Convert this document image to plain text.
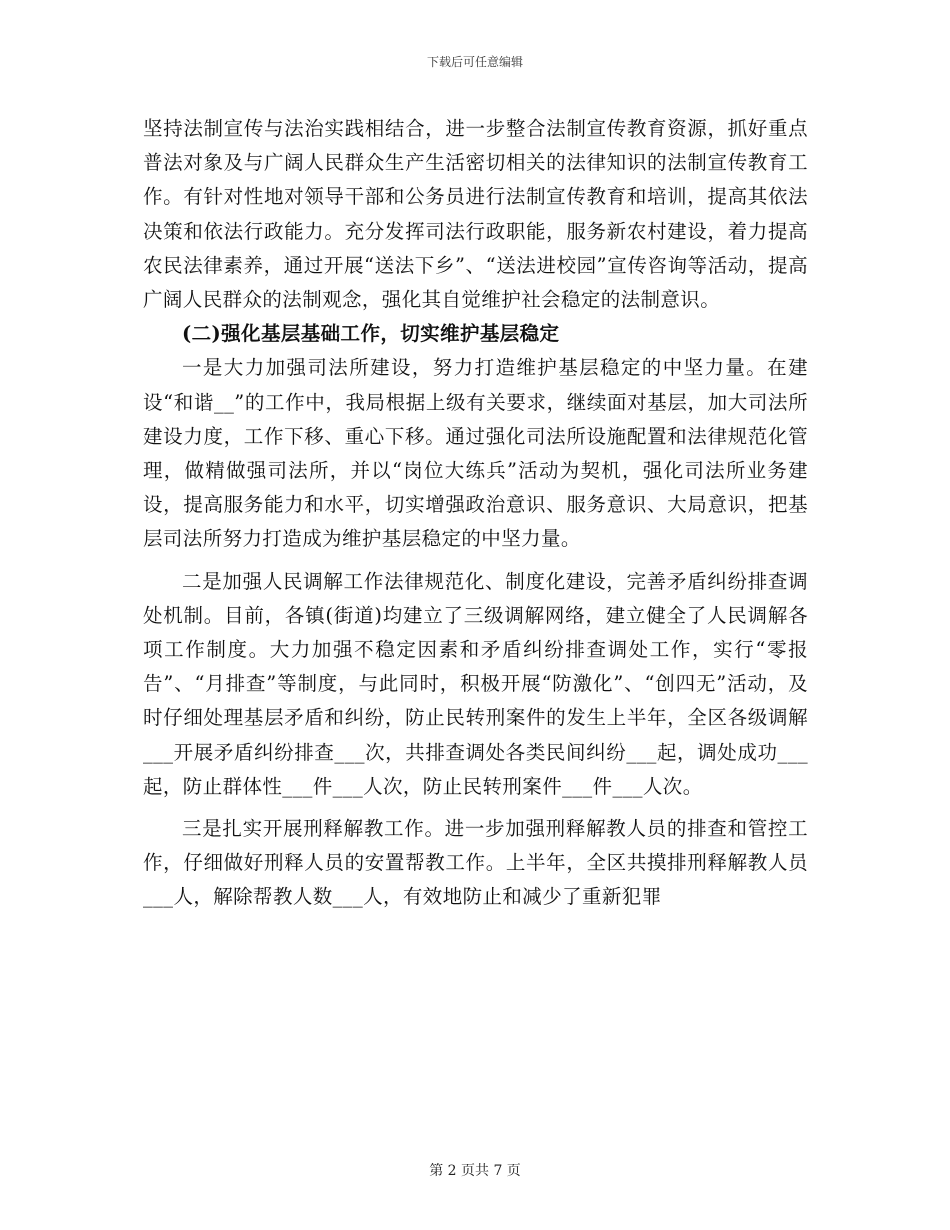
下载后可任意编辑

坚持法制宣传与法治实践相结合，进一步整合法制宣传教育资源，抓好重点普法对象及与广阔人民群众生产生活密切相关的法律知识的法制宣传教育工作。有针对性地对领导干部和公务员进行法制宣传教育和培训，提高其依法决策和依法行政能力。充分发挥司法行政职能，服务新农村建设，着力提高农民法律素养，通过开展“送法下乡”、“送法进校园”宣传咨询等活动，提高广阔人民群众的法制观念，强化其自觉维护社会稳定的法制意识。

(二)强化基层基础工作，切实维护基层稳定

一是大力加强司法所建设，努力打造维护基层稳定的中坚力量。在建设“和谐__”的工作中，我局根据上级有关要求，继续面对基层，加大司法所建设力度，工作下移、重心下移。通过强化司法所设施配置和法律规范化管理，做精做强司法所，并以“岗位大练兵”活动为契机，强化司法所业务建设，提高服务能力和水平，切实增强政治意识、服务意识、大局意识，把基层司法所努力打造成为维护基层稳定的中坚力量。

二是加强人民调解工作法律规范化、制度化建设，完善矛盾纠纷排查调处机制。目前，各镇(街道)均建立了三级调解网络，建立健全了人民调解各项工作制度。大力加强不稳定因素和矛盾纠纷排查调处工作，实行“零报告”、“月排查”等制度，与此同时，积极开展“防激化”、“创四无”活动，及时仔细处理基层矛盾和纠纷，防止民转刑案件的发生上半年，全区各级调解___开展矛盾纠纷排查___次，共排查调处各类民间纠纷___起，调处成功___起，防止群体性___件___人次，防止民转刑案件___件___人次。

三是扎实开展刑释解教工作。进一步加强刑释解教人员的排查和管控工作，仔细做好刑释人员的安置帮教工作。上半年，全区共摸排刑释解教人员___人，解除帮教人数___人，有效地防止和减少了重新犯罪

第 2 页共 7 页
